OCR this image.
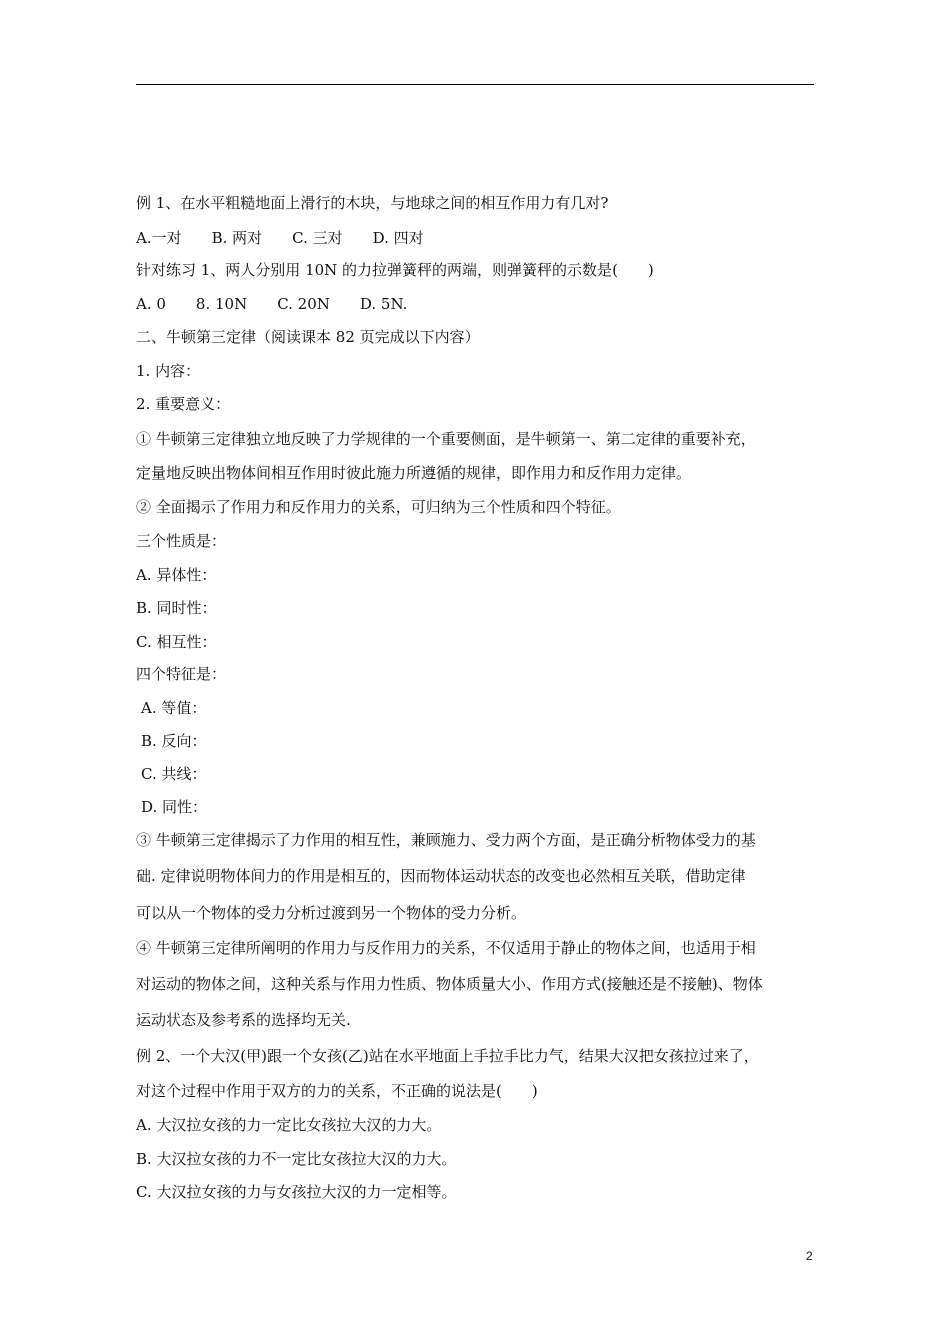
例 1、在水平粗糙地面上滑行的木块，与地球之间的相互作用力有几对?
A.一对　　B. 两对　　C. 三对　　D. 四对
针对练习 1、两人分别用 10N 的力拉弹簧秤的两端，则弹簧秤的示数是(　　)
A. 0　　8. 10N　　C. 20N　　D. 5N.
二、牛顿第三定律（阅读课本 82 页完成以下内容）
1. 内容：
2. 重要意义：
① 牛顿第三定律独立地反映了力学规律的一个重要侧面，是牛顿第一、第二定律的重要补充，
定量地反映出物体间相互作用时彼此施力所遵循的规律，即作用力和反作用力定律。
② 全面揭示了作用力和反作用力的关系，可归纳为三个性质和四个特征。
三个性质是：
A. 异体性：
B. 同时性：
C. 相互性：
四个特征是：
A. 等值：
B. 反向：
C. 共线：
D. 同性：
③ 牛顿第三定律揭示了力作用的相互性，兼顾施力、受力两个方面，是正确分析物体受力的基
础. 定律说明物体间力的作用是相互的，因而物体运动状态的改变也必然相互关联，借助定律
可以从一个物体的受力分析过渡到另一个物体的受力分析。
④ 牛顿第三定律所阐明的作用力与反作用力的关系，不仅适用于静止的物体之间，也适用于相
对运动的物体之间，这种关系与作用力性质、物体质量大小、作用方式(接触还是不接触)、物体
运动状态及参考系的选择均无关.
例 2、一个大汉(甲)跟一个女孩(乙)站在水平地面上手拉手比力气，结果大汉把女孩拉过来了，
对这个过程中作用于双方的力的关系，不正确的说法是(　　)
A. 大汉拉女孩的力一定比女孩拉大汉的力大。
B. 大汉拉女孩的力不一定比女孩拉大汉的力大。
C. 大汉拉女孩的力与女孩拉大汉的力一定相等。
2
